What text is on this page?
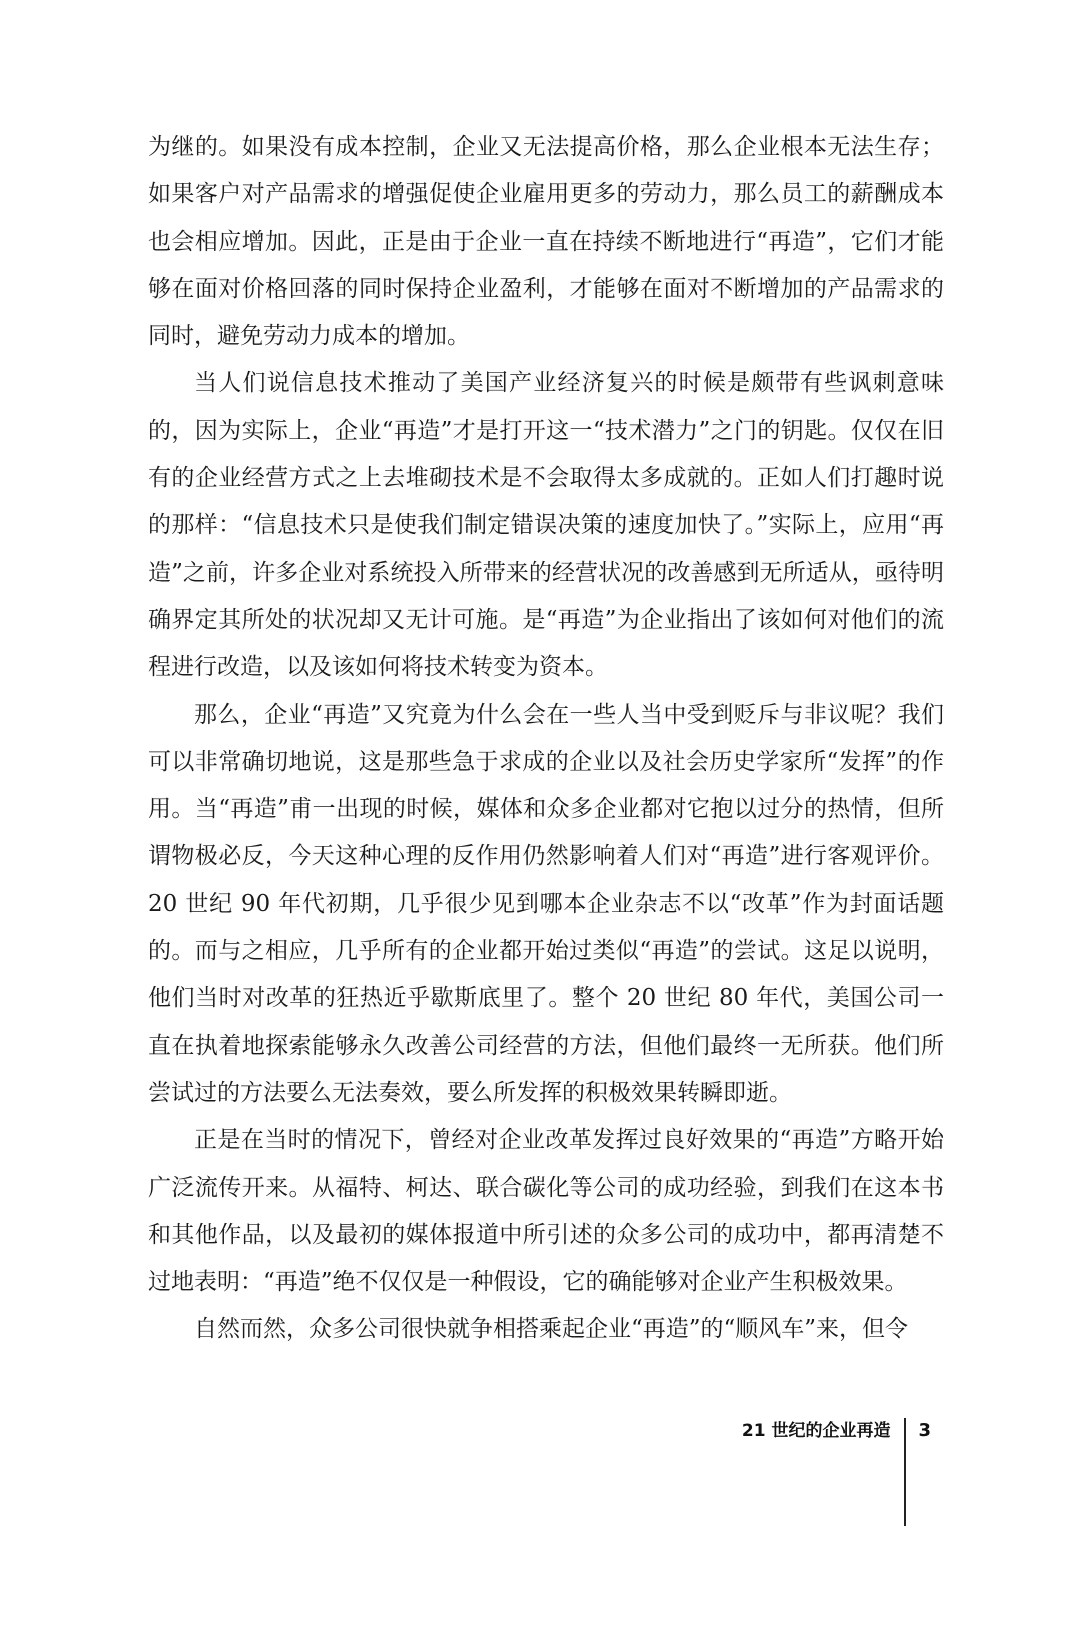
为继的。如果没有成本控制，企业又无法提高价格，那么企业根本无法生存；如果客户对产品需求的增强促使企业雇用更多的劳动力，那么员工的薪酬成本也会相应增加。因此，正是由于企业一直在持续不断地进行“再造”，它们才能够在面对价格回落的同时保持企业盈利，才能够在面对不断增加的产品需求的同时，避免劳动力成本的增加。

当人们说信息技术推动了美国产业经济复兴的时候是颇带有些讽刺意味的，因为实际上，企业“再造”才是打开这一“技术潜力”之门的钥匙。仅仅在旧有的企业经营方式之上去堆砌技术是不会取得太多成就的。正如人们打趣时说的那样：“信息技术只是使我们制定错误决策的速度加快了。”实际上，应用“再造”之前，许多企业对系统投入所带来的经营状况的改善感到无所适从，亟待明确界定其所处的状况却又无计可施。是“再造”为企业指出了该如何对他们的流程进行改造，以及该如何将技术转变为资本。

那么，企业“再造”又究竟为什么会在一些人当中受到贬斥与非议呢？我们可以非常确切地说，这是那些急于求成的企业以及社会历史学家所“发挥”的作用。当“再造”甫一出现的时候，媒体和众多企业都对它抱以过分的热情，但所谓物极必反，今天这种心理的反作用仍然影响着人们对“再造”进行客观评价。20 世纪 90 年代初期，几乎很少见到哪本企业杂志不以“改革”作为封面话题的。而与之相应，几乎所有的企业都开始过类似“再造”的尝试。这足以说明，他们当时对改革的狂热近乎歇斯底里了。整个 20 世纪 80 年代，美国公司一直在执着地探索能够永久改善公司经营的方法，但他们最终一无所获。他们所尝试过的方法要么无法奏效，要么所发挥的积极效果转瞬即逝。

正是在当时的情况下，曾经对企业改革发挥过良好效果的“再造”方略开始广泛流传开来。从福特、柯达、联合碳化等公司的成功经验，到我们在这本书和其他作品，以及最初的媒体报道中所引述的众多公司的成功中，都再清楚不过地表明：“再造”绝不仅仅是一种假设，它的确能够对企业产生积极效果。

自然而然，众多公司很快就争相搭乘起企业“再造”的“顺风车”来，但令

21 世纪的企业再造	3
